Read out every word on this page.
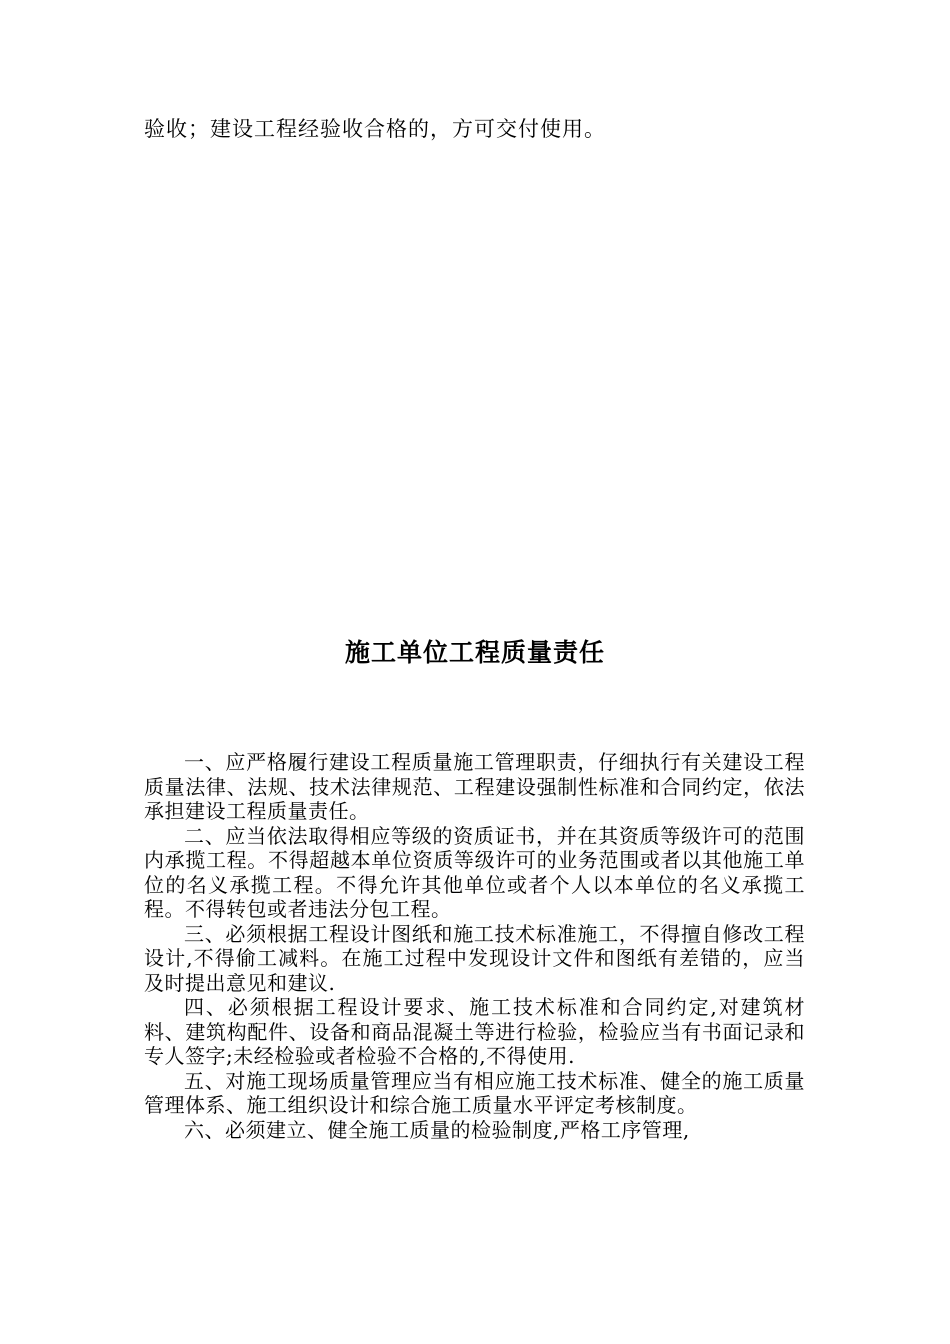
验收；建设工程经验收合格的，方可交付使用。
施工单位工程质量责任

一、应严格履行建设工程质量施工管理职责，仔细执行有关建设工程质量法律、法规、技术法律规范、工程建设强制性标准和合同约定，依法承担建设工程质量责任。

二、应当依法取得相应等级的资质证书，并在其资质等级许可的范围内承揽工程。不得超越本单位资质等级许可的业务范围或者以其他施工单位的名义承揽工程。不得允许其他单位或者个人以本单位的名义承揽工程。不得转包或者违法分包工程。

三、必须根据工程设计图纸和施工技术标准施工，不得擅自修改工程设计,不得偷工减料。在施工过程中发现设计文件和图纸有差错的，应当及时提出意见和建议.

四、必须根据工程设计要求、施工技术标准和合同约定,对建筑材料、建筑构配件、设备和商品混凝土等进行检验，检验应当有书面记录和专人签字;未经检验或者检验不合格的,不得使用.

五、对施工现场质量管理应当有相应施工技术标准、健全的施工质量管理体系、施工组织设计和综合施工质量水平评定考核制度。

六、必须建立、健全施工质量的检验制度,严格工序管理,
